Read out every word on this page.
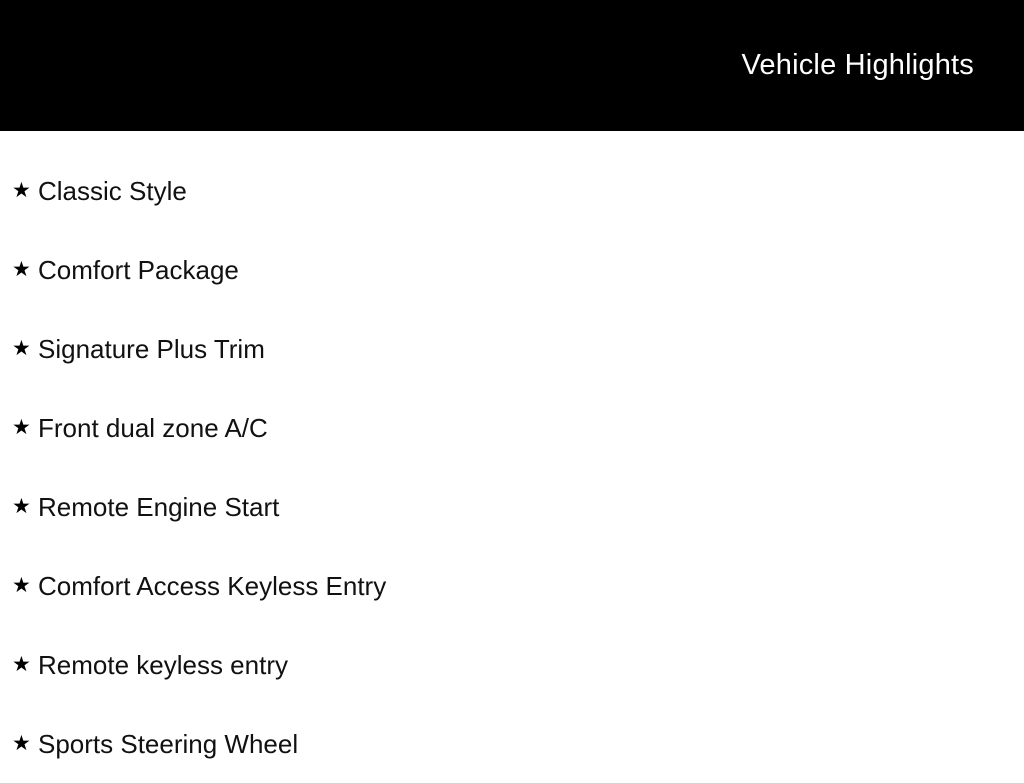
Vehicle Highlights
★ Classic Style
★ Comfort Package
★ Signature Plus Trim
★ Front dual zone A/C
★ Remote Engine Start
★ Comfort Access Keyless Entry
★ Remote keyless entry
★ Sports Steering Wheel
